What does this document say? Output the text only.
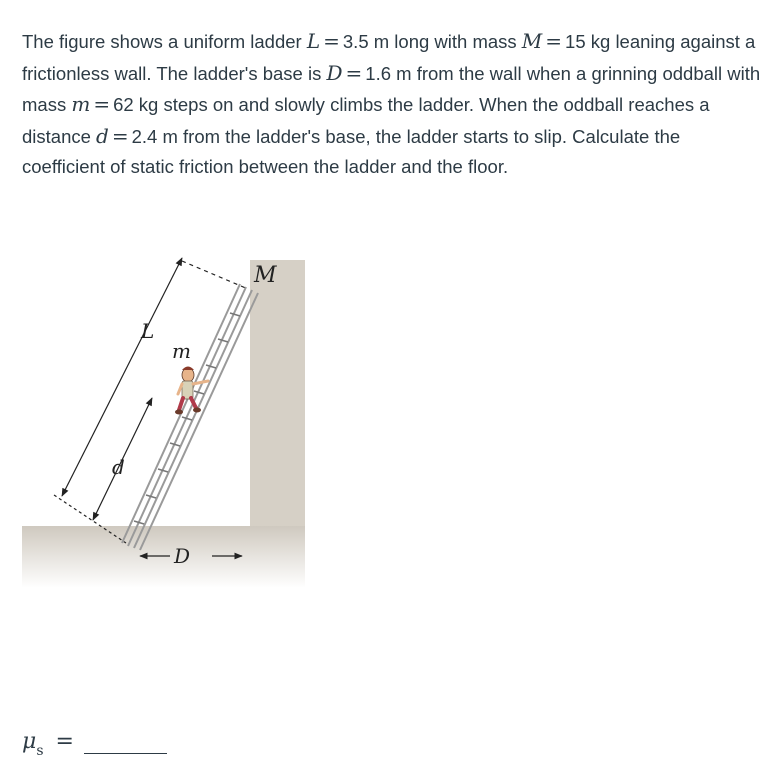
The figure shows a uniform ladder L = 3.5 m long with mass M = 15 kg leaning against a frictionless wall. The ladder's base is D = 1.6 m from the wall when a grinning oddball with mass m = 62 kg steps on and slowly climbs the ladder. When the oddball reaches a distance d = 2.4 m from the ladder's base, the ladder starts to slip. Calculate the coefficient of static friction between the ladder and the floor.
L
M
m
d
D
μ s =
